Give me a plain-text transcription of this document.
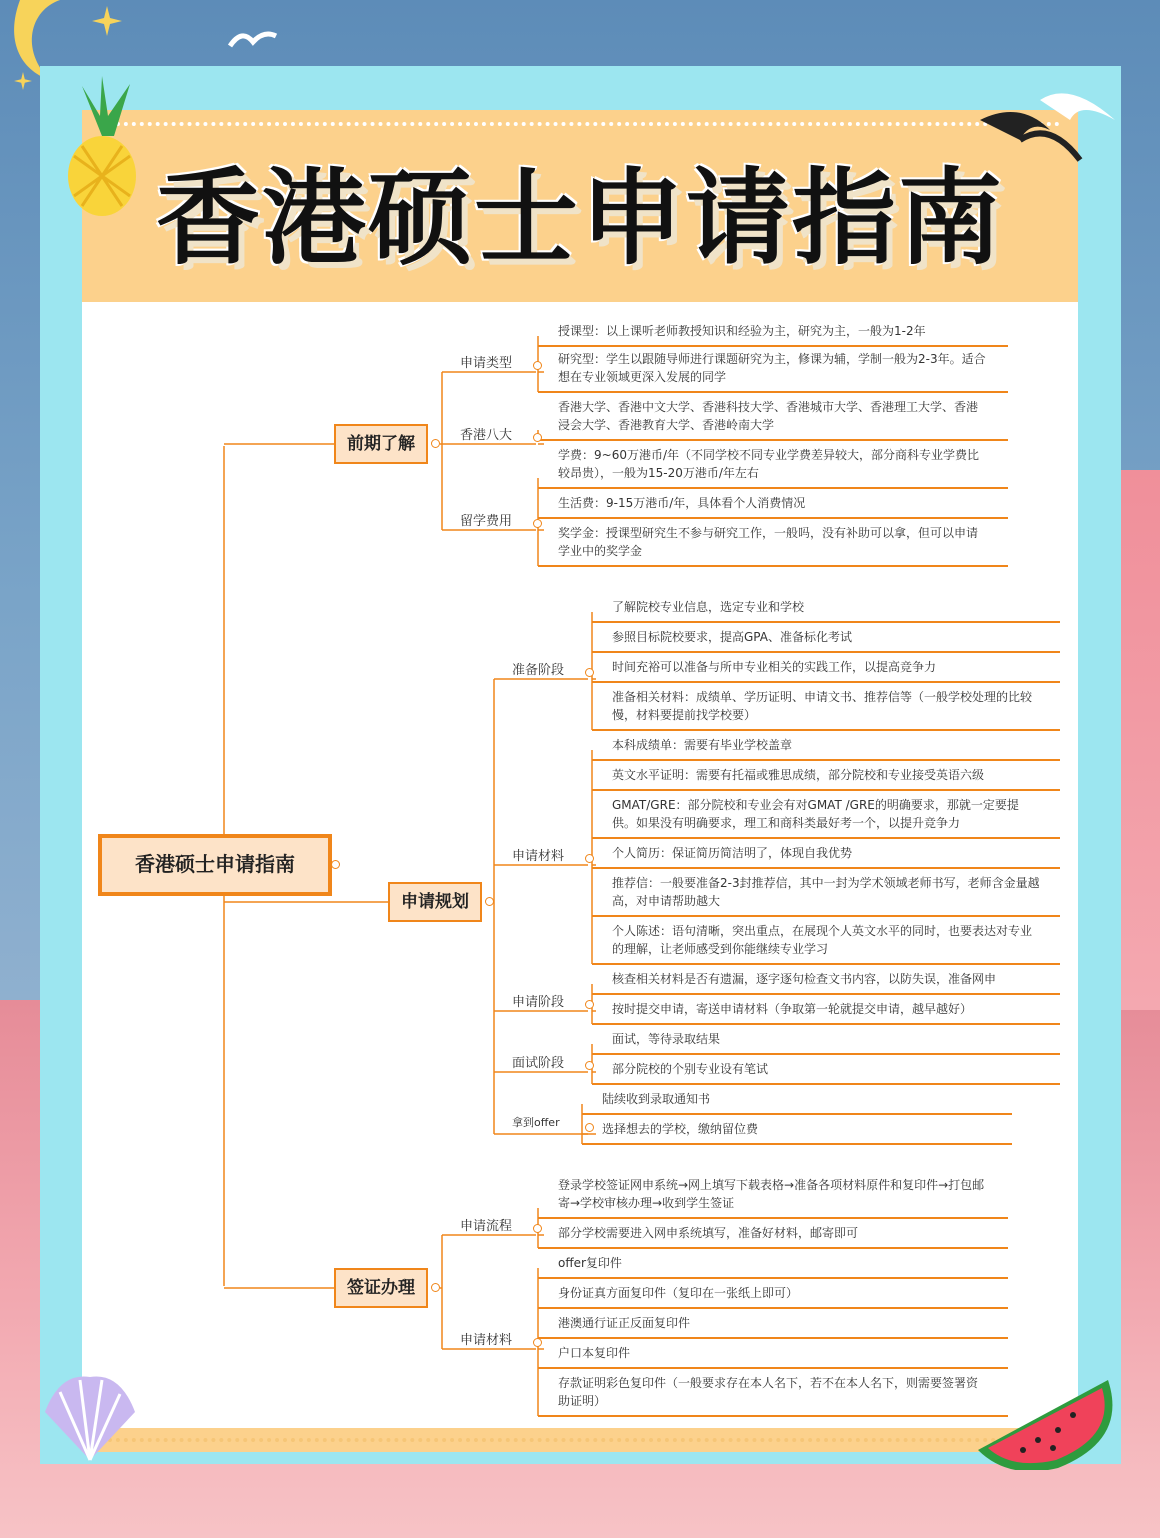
香港硕士申请指南
香港硕士申请指南
前期了解
申请类型
授课型：以上课听老师教授知识和经验为主，研究为主，一般为1-2年
研究型：学生以跟随导师进行课题研究为主，修课为辅，学制一般为2-3年。适合想在专业领域更深入发展的同学
香港八大
香港大学、香港中文大学、香港科技大学、香港城市大学、香港理工大学、香港浸会大学、香港教育大学、香港岭南大学
留学费用
学费：9~60万港币/年（不同学校不同专业学费差异较大，部分商科专业学费比较昂贵），一般为15-20万港币/年左右
生活费：9-15万港币/年，具体看个人消费情况
奖学金：授课型研究生不参与研究工作，一般吗，没有补助可以拿，但可以申请学业中的奖学金
申请规划
准备阶段
了解院校专业信息，选定专业和学校
参照目标院校要求，提高GPA、准备标化考试
时间充裕可以准备与所申专业相关的实践工作，以提高竞争力
准备相关材料：成绩单、学历证明、申请文书、推荐信等（一般学校处理的比较慢，材料要提前找学校要）
申请材料
本科成绩单：需要有毕业学校盖章
英文水平证明：需要有托福或雅思成绩，部分院校和专业接受英语六级
GMAT/GRE：部分院校和专业会有对GMAT /GRE的明确要求，那就一定要提供。如果没有明确要求，理工和商科类最好考一个，以提升竞争力
个人简历：保证简历简洁明了，体现自我优势
推荐信：一般要准备2-3封推荐信，其中一封为学术领域老师书写，老师含金量越高，对申请帮助越大
个人陈述：语句清晰，突出重点，在展现个人英文水平的同时，也要表达对专业的理解，让老师感受到你能继续专业学习
申请阶段
核查相关材料是否有遗漏，逐字逐句检查文书内容，以防失误，准备网申
按时提交申请，寄送申请材料（争取第一轮就提交申请，越早越好）
面试阶段
面试，等待录取结果
部分院校的个别专业设有笔试
拿到offer
陆续收到录取通知书
选择想去的学校，缴纳留位费
签证办理
申请流程
登录学校签证网申系统→网上填写下载表格→准备各项材料原件和复印件→打包邮寄→学校审核办理→收到学生签证
部分学校需要进入网申系统填写，准备好材料，邮寄即可
申请材料
offer复印件
身份证真方面复印件（复印在一张纸上即可）
港澳通行证正反面复印件
户口本复印件
存款证明彩色复印件（一般要求存在本人名下，若不在本人名下，则需要签署资助证明）
